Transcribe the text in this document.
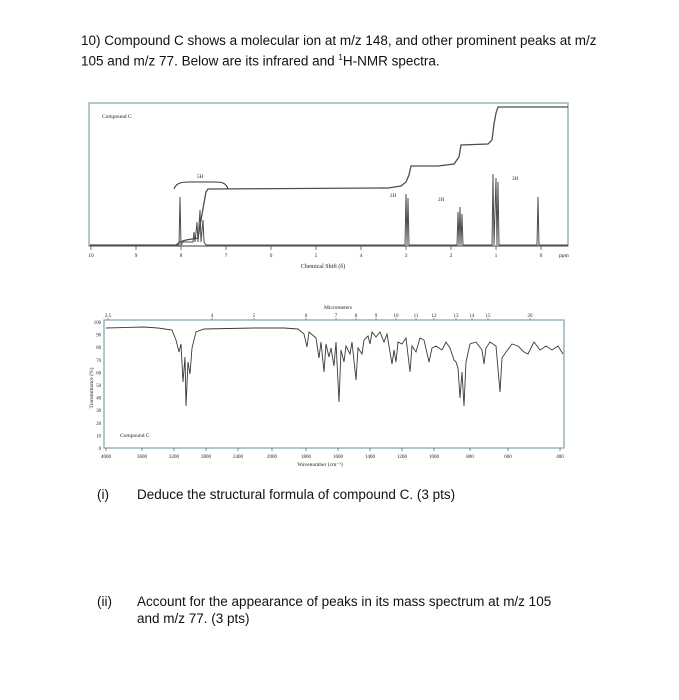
10) Compound C shows a molecular ion at m/z 148, and other prominent peaks at m/z 105 and m/z 77. Below are its infrared and $^1$H-NMR spectra.
Compound C
10	9	8	7	6	5	4	3	2	1	0	ppm
Chemical Shift (δ)
5H
2H
2H
3H
Micrometers
2.5	4	5	6	7	8	9	10	11	12	13 14 15	20
100
90
80
70
60
50
40
30
20
10
0
Transmittance (%)
Compound C
4000	3600	3200	2800	2400	2000	1800	1600	1400	1200	1000	800	600	400
Wavenumber (cm⁻¹)
(i) Deduce the structural formula of compound C. (3 pts)
(ii) Account for the appearance of peaks in its mass spectrum at m/z 105 and m/z 77. (3 pts)
